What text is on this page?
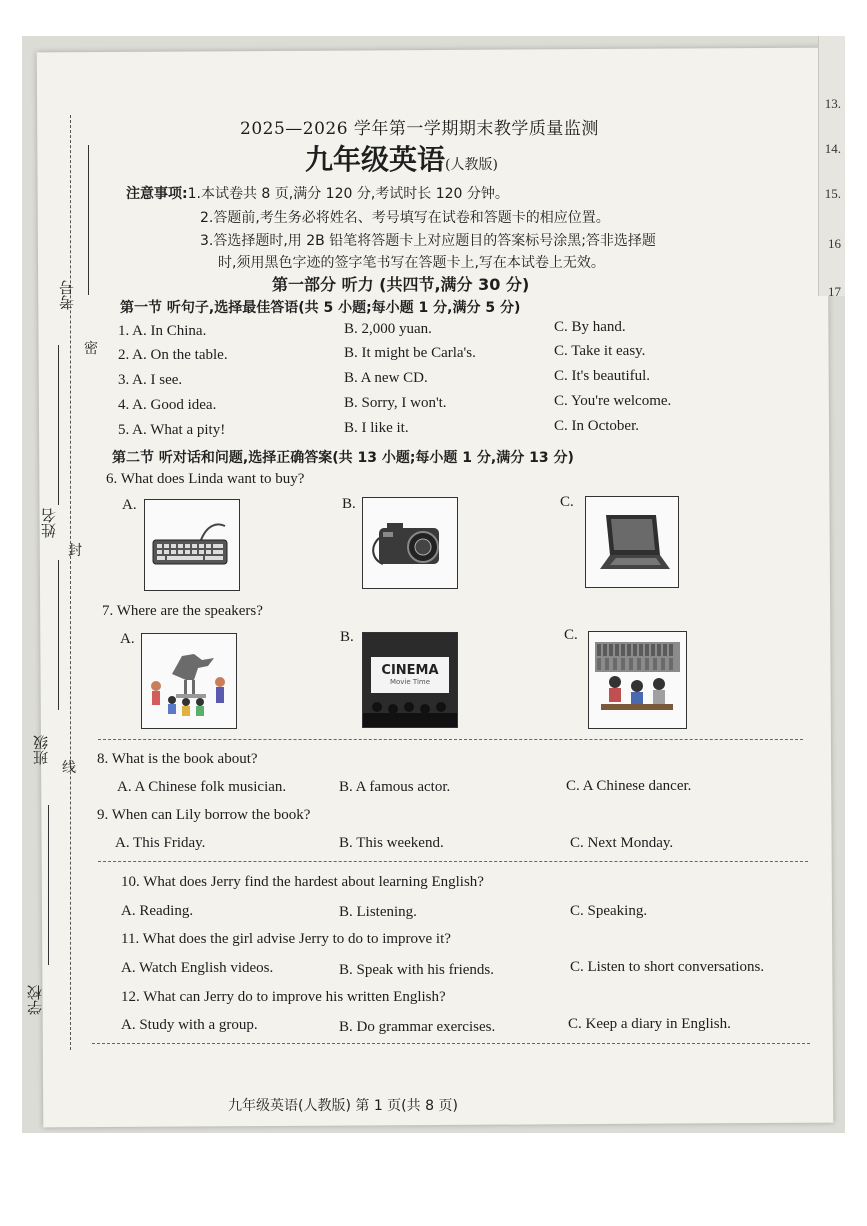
13.
14.
15.
16
17
考号
姓名
班级
学校
密
封
线
2025—2026 学年第一学期期末教学质量监测
九年级英语(人教版)
注意事项:1.本试卷共 8 页,满分 120 分,考试时长 120 分钟。
2.答题前,考生务必将姓名、考号填写在试卷和答题卡的相应位置。
3.答选择题时,用 2B 铅笔将答题卡上对应题目的答案标号涂黑;答非选择题
时,须用黑色字迹的签字笔书写在答题卡上,写在本试卷上无效。
第一部分 听力 (共四节,满分 30 分)
第一节 听句子,选择最佳答语(共 5 小题;每小题 1 分,满分 5 分)
1. A. In China.	B. 2,000 yuan.	C. By hand.
2. A. On the table.	B. It might be Carla's.	C. Take it easy.
3. A. I see.	B. A new CD.	C. It's beautiful.
4. A. Good idea.	B. Sorry, I won't.	C. You're welcome.
5. A. What a pity!	B. I like it.	C. In October.
第二节 听对话和问题,选择正确答案(共 13 小题;每小题 1 分,满分 13 分)
6. What does Linda want to buy?
A.	B.	C.
7. Where are the speakers?
A.	B.	C.
CINEMA
Movie Time
8. What is the book about?
A. A Chinese folk musician.	B. A famous actor.	C. A Chinese dancer.
9. When can Lily borrow the book?
A. This Friday.	B. This weekend.	C. Next Monday.
10. What does Jerry find the hardest about learning English?
A. Reading.	B. Listening.	C. Speaking.
11. What does the girl advise Jerry to do to improve it?
A. Watch English videos.	B. Speak with his friends.	C. Listen to short conversations.
12. What can Jerry do to improve his written English?
A. Study with a group.	B. Do grammar exercises.	C. Keep a diary in English.
九年级英语(人教版) 第 1 页(共 8 页)
